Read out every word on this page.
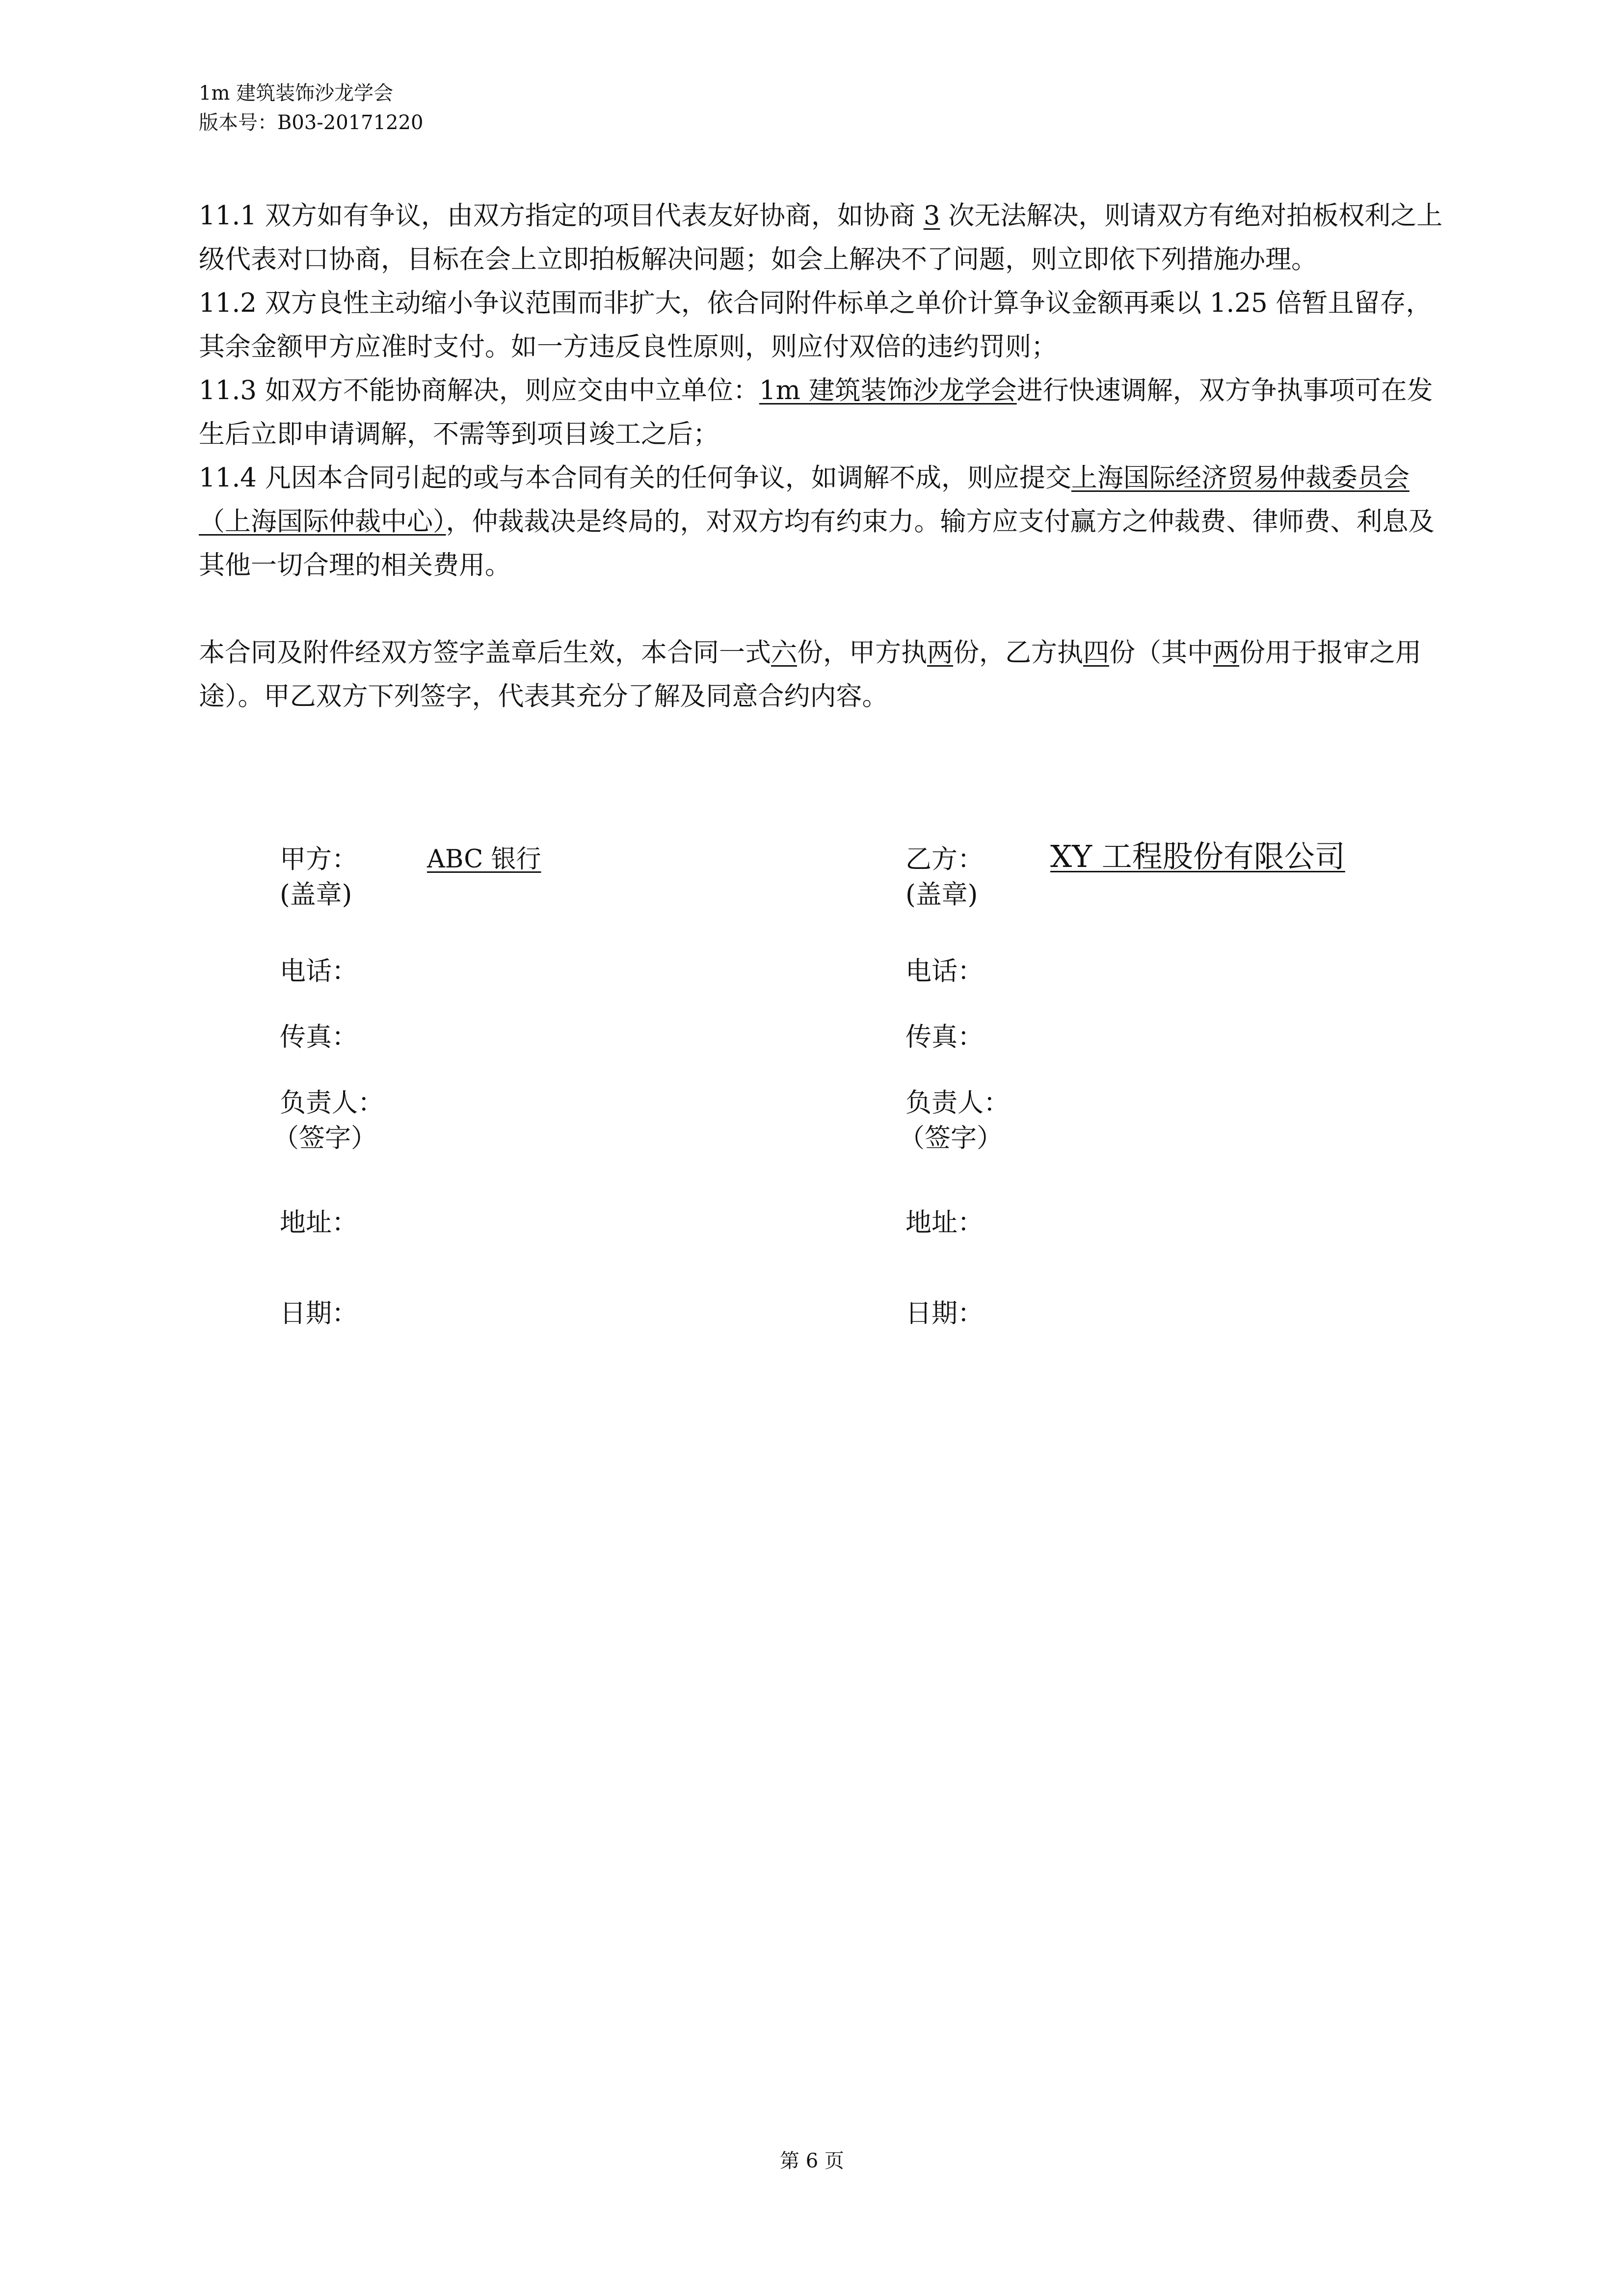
1m 建筑装饰沙龙学会
版本号：B03-20171220

11.1 双方如有争议，由双方指定的项目代表友好协商，如协商 3 次无法解决，则请双方有绝对拍板权利之上级代表对口协商，目标在会上立即拍板解决问题；如会上解决不了问题，则立即依下列措施办理。

11.2 双方良性主动缩小争议范围而非扩大，依合同附件标单之单价计算争议金额再乘以 1.25 倍暂且留存，其余金额甲方应准时支付。如一方违反良性原则，则应付双倍的违约罚则；

11.3 如双方不能协商解决，则应交由中立单位：1m 建筑装饰沙龙学会进行快速调解，双方争执事项可在发生后立即申请调解，不需等到项目竣工之后；

11.4 凡因本合同引起的或与本合同有关的任何争议，如调解不成，则应提交上海国际经济贸易仲裁委员会（上海国际仲裁中心），仲裁裁决是终局的，对双方均有约束力。输方应支付赢方之仲裁费、律师费、利息及其他一切合理的相关费用。

本合同及附件经双方签字盖章后生效，本合同一式六份，甲方执两份，乙方执四份（其中两份用于报审之用途）。甲乙双方下列签字，代表其充分了解及同意合约内容。

甲方：	ABC 银行
(盖章)
电话：
传真：
负责人：
（签字）
地址：
日期：
乙方： XY 工程股份有限公司
(盖章)
电话：
传真：
负责人：
（签字）
地址：
日期：
第 6 页
